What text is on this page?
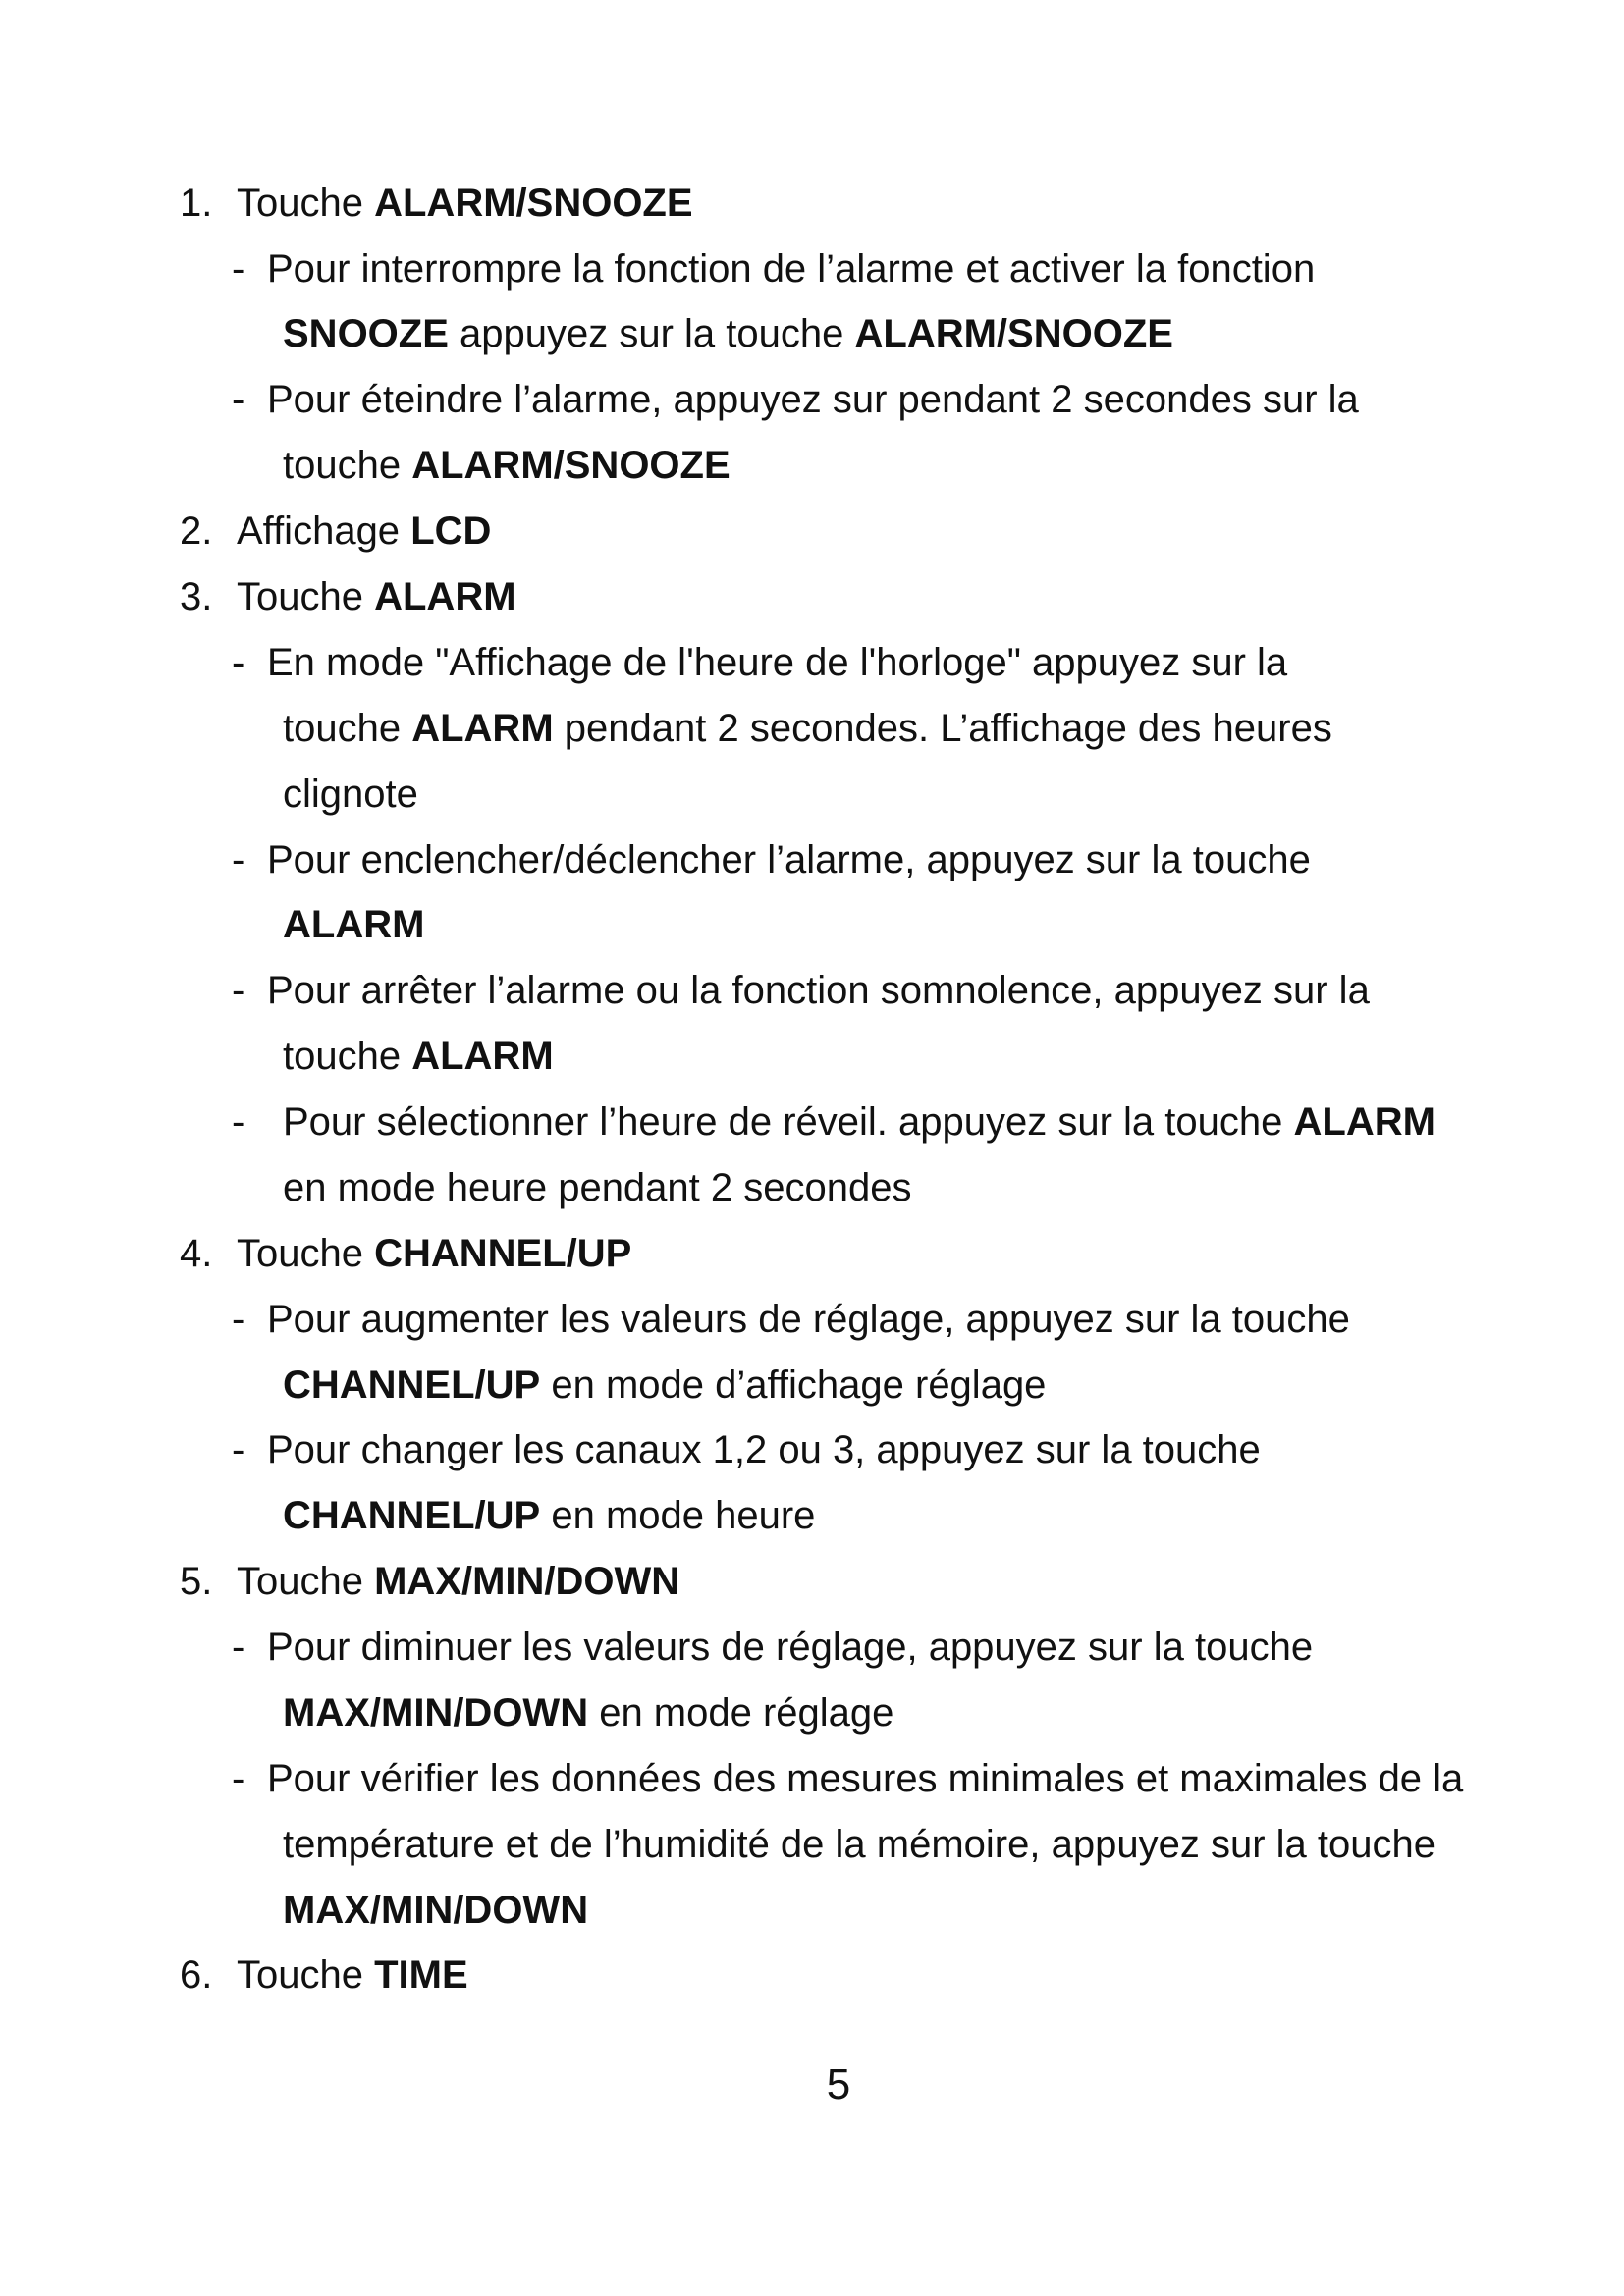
1. Touche ALARM/SNOOZE
- Pour interrompre la fonction de l’alarme et activer la fonction
SNOOZE appuyez sur la touche ALARM/SNOOZE
- Pour éteindre l’alarme, appuyez sur pendant 2 secondes sur la
touche ALARM/SNOOZE
2. Affichage LCD
3. Touche ALARM
- En mode "Affichage de l'heure de l'horloge" appuyez sur la
touche ALARM pendant 2 secondes. L’affichage des heures
clignote
- Pour enclencher/déclencher l’alarme, appuyez sur la touche
ALARM
- Pour arrêter l’alarme ou la fonction somnolence, appuyez sur la
touche ALARM
- Pour sélectionner l’heure de réveil. appuyez sur la touche ALARM
en mode heure pendant 2 secondes
4. Touche CHANNEL/UP
- Pour augmenter les valeurs de réglage, appuyez sur la touche
CHANNEL/UP en mode d’affichage réglage
- Pour changer les canaux 1,2 ou 3, appuyez sur la touche
CHANNEL/UP en mode heure
5. Touche MAX/MIN/DOWN
- Pour diminuer les valeurs de réglage, appuyez sur la touche
MAX/MIN/DOWN en mode réglage
- Pour vérifier les données des mesures minimales et maximales de la
température et de l’humidité de la mémoire, appuyez sur la touche
MAX/MIN/DOWN
6. Touche TIME
5
